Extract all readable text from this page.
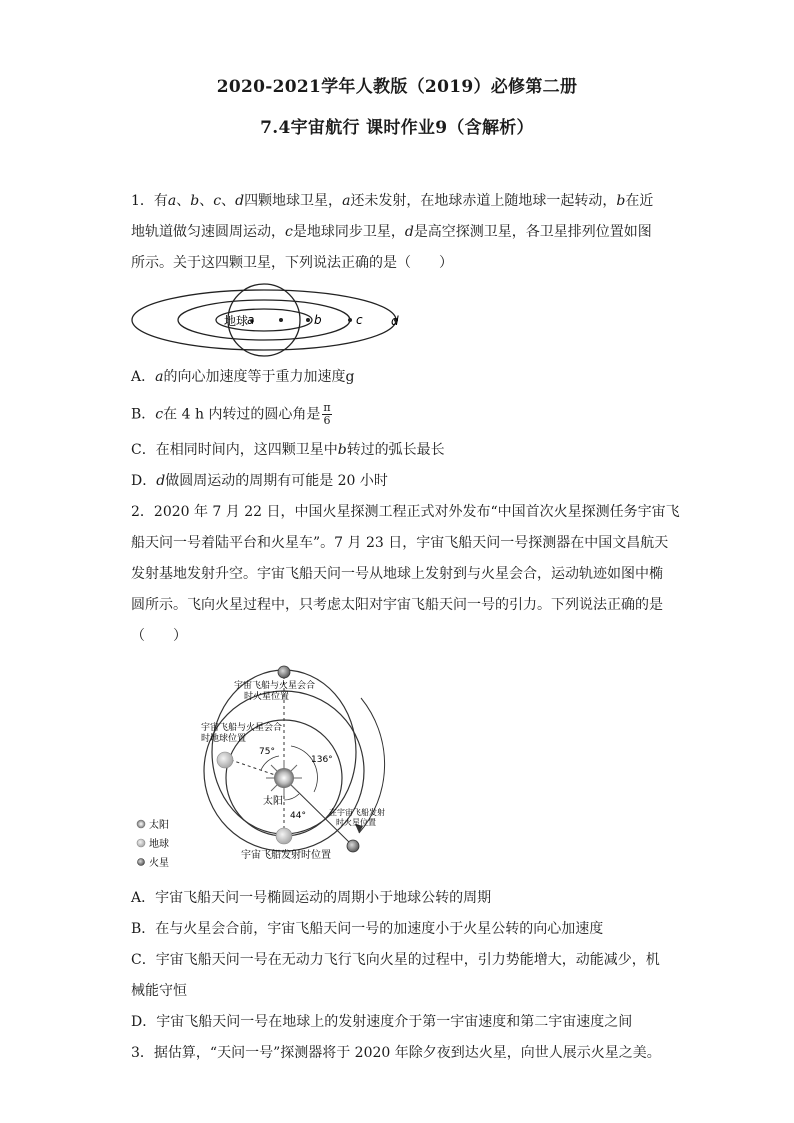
2020-2021学年人教版（2019）必修第二册
7.4宇宙航行 课时作业9（含解析）
1．有a、b、c、d四颗地球卫星，a还未发射，在地球赤道上随地球一起转动，b在近
地轨道做匀速圆周运动，c是地球同步卫星，d是高空探测卫星，各卫星排列位置如图
所示。关于这四颗卫星，下列说法正确的是（　　）
地球
a	b	c d
A．a的向心加速度等于重力加速度g
B．c在 4 h 内转过的圆心角是 $\frac{\pi}{6}$
C．在相同时间内，这四颗卫星中b转过的弧长最长
D．d做圆周运动的周期有可能是 20 小时
2．2020 年 7 月 22 日，中国火星探测工程正式对外发布“中国首次火星探测任务宇宙飞
船天问一号着陆平台和火星车”。7 月 23 日，宇宙飞船天问一号探测器在中国文昌航天
发射基地发射升空。宇宙飞船天问一号从地球上发射到与火星会合，运动轨迹如图中椭
圆所示。飞向火星过程中，只考虑太阳对宇宙飞船天问一号的引力。下列说法正确的是
（　　）
宇宙飞船与火星会合
时火星位置
宇宙飞船与火星会合
时地球位置
75°
136°
44°
太阳
在宇宙飞船发射
时火星位置
宇宙飞船发射时位置
太阳
地球
火星
A．宇宙飞船天问一号椭圆运动的周期小于地球公转的周期
B．在与火星会合前，宇宙飞船天问一号的加速度小于火星公转的向心加速度
C．宇宙飞船天问一号在无动力飞行飞向火星的过程中，引力势能增大，动能减少，机
械能守恒
D．宇宙飞船天问一号在地球上的发射速度介于第一宇宙速度和第二宇宙速度之间
3．据估算，“天问一号”探测器将于 2020 年除夕夜到达火星，向世人展示火星之美。
